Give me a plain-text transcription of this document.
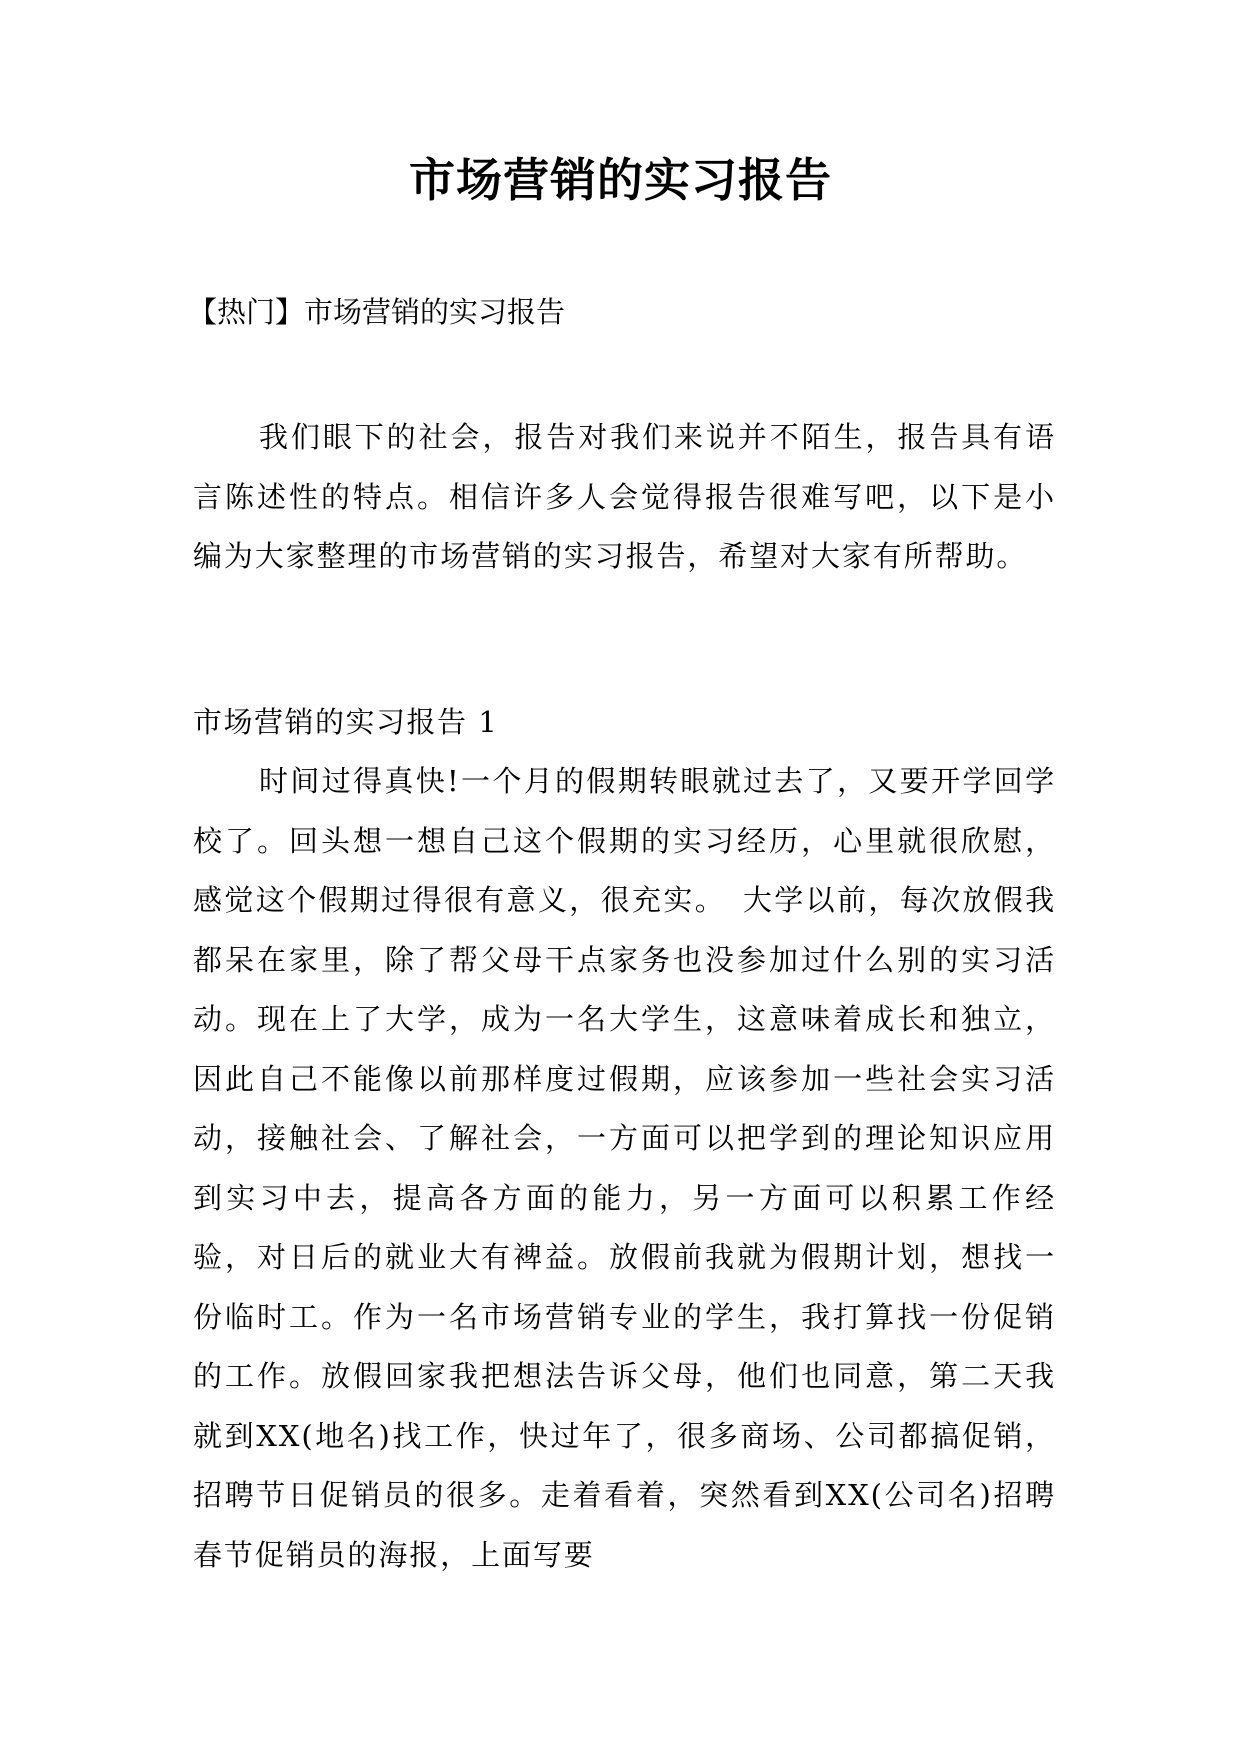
市场营销的实习报告

【热门】市场营销的实习报告

我们眼下的社会，报告对我们来说并不陌生，报告具有语言陈述性的特点。相信许多人会觉得报告很难写吧，以下是小编为大家整理的市场营销的实习报告，希望对大家有所帮助。

市场营销的实习报告 1

时间过得真快!一个月的假期转眼就过去了，又要开学回学校了。回头想一想自己这个假期的实习经历，心里就很欣慰，感觉这个假期过得很有意义，很充实。　大学以前，每次放假我都呆在家里，除了帮父母干点家务也没参加过什么别的实习活动。现在上了大学，成为一名大学生，这意味着成长和独立，因此自己不能像以前那样度过假期，应该参加一些社会实习活动，接触社会、了解社会，一方面可以把学到的理论知识应用到实习中去，提高各方面的能力，另一方面可以积累工作经验，对日后的就业大有裨益。放假前我就为假期计划，想找一份临时工。作为一名市场营销专业的学生，我打算找一份促销的工作。放假回家我把想法告诉父母，他们也同意，第二天我就到XX(地名)找工作，快过年了，很多商场、公司都搞促销，招聘节日促销员的很多。走着看着，突然看到XX(公司名)招聘春节促销员的海报，上面写要
